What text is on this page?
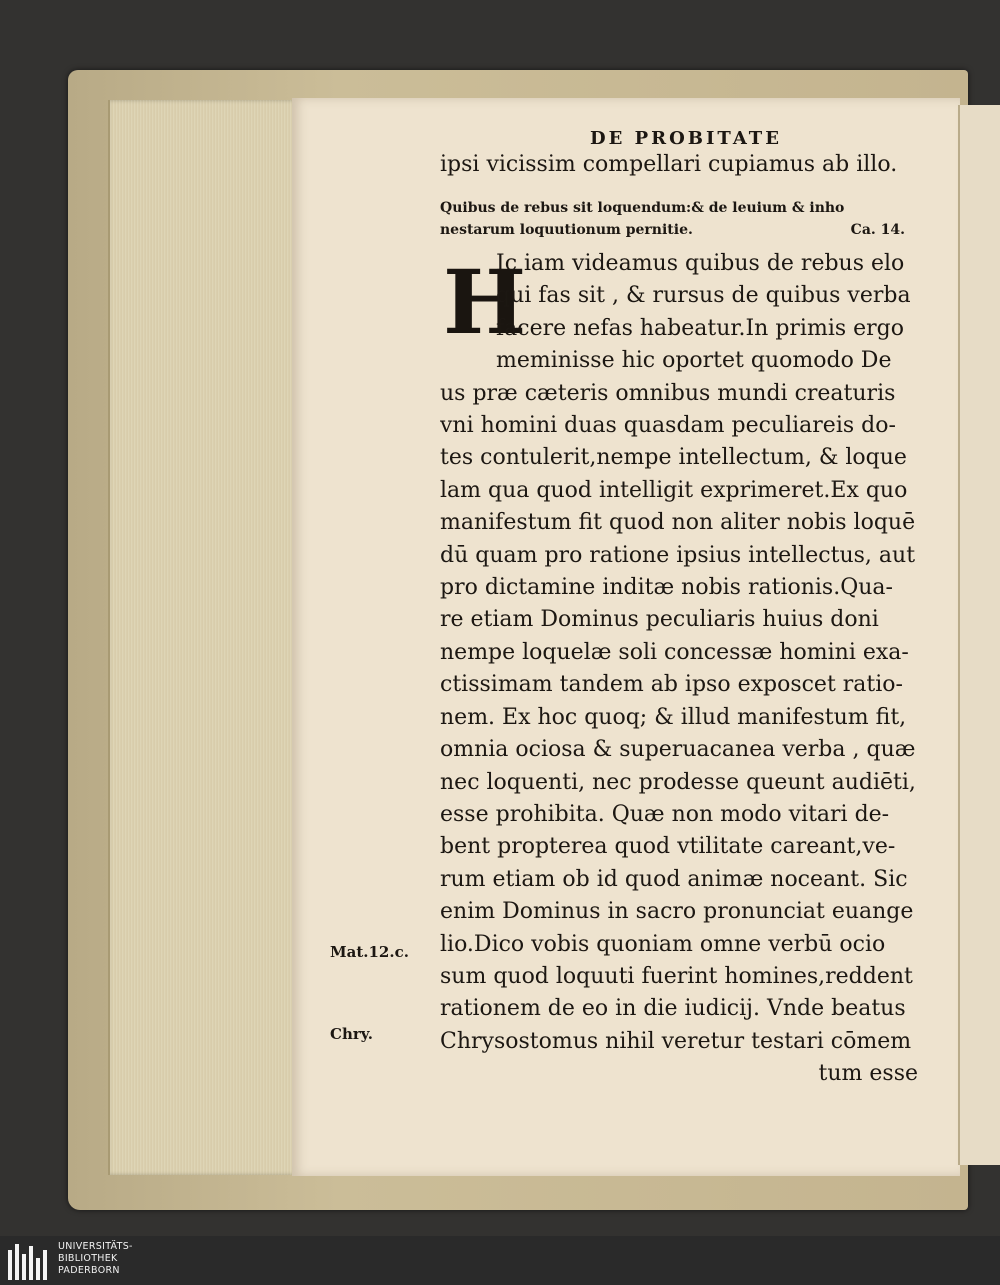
DE PROBITATE
ipsi vicissim compellari cupiamus ab illo.
Quibus de rebus sit loquendum:& de leuium & inho
nestarum loquutionum pernitie.	Ca. 14.
H
Ic iam videamus quibus de rebus elo
qui fas sit , & rursus de quibus verba
facere nefas habeatur.In primis ergo
meminisse hic oportet quomodo De
us præ cæteris omnibus mundi creaturis
vni homini duas quasdam peculiareis do-
tes contulerit,nempe intellectum, & loque
lam qua quod intelligit exprimeret.Ex quo
manifestum fit quod non aliter nobis loquē
dū quam pro ratione ipsius intellectus, aut
pro dictamine inditæ nobis rationis.Qua-
re etiam Dominus peculiaris huius doni
nempe loquelæ soli concessæ homini exa-
ctissimam tandem ab ipso exposcet ratio-
nem. Ex hoc quoq; & illud manifestum fit,
omnia ociosa & superuacanea verba , quæ
nec loquenti, nec prodesse queunt audiēti,
esse prohibita. Quæ non modo vitari de-
bent propterea quod vtilitate careant,ve-
rum etiam ob id quod animæ noceant. Sic
enim Dominus in sacro pronunciat euange
lio.Dico vobis quoniam omne verbū ocio
sum quod loquuti fuerint homines,reddent
rationem de eo in die iudicij. Vnde beatus
Chrysostomus nihil veretur testari cōmem
tum esse
Mat.12.c.
Chry.
UNIVERSITÄTS-
BIBLIOTHEK
PADERBORN
